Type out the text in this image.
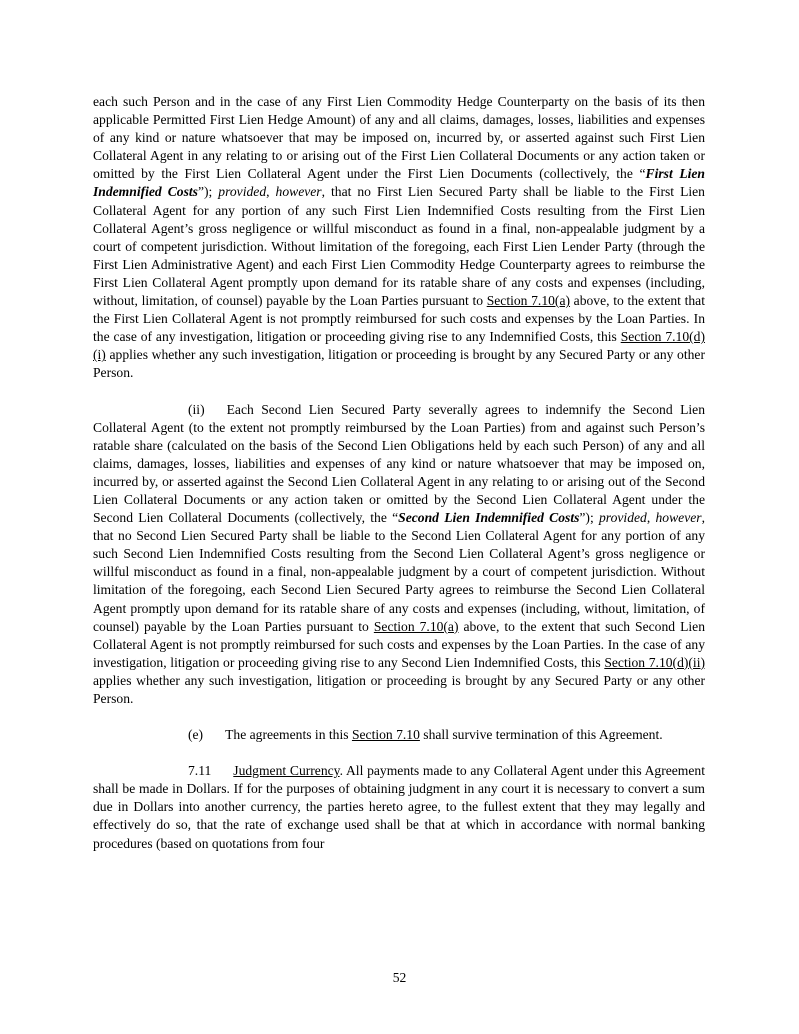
each such Person and in the case of any First Lien Commodity Hedge Counterparty on the basis of its then applicable Permitted First Lien Hedge Amount) of any and all claims, damages, losses, liabilities and expenses of any kind or nature whatsoever that may be imposed on, incurred by, or asserted against such First Lien Collateral Agent in any relating to or arising out of the First Lien Collateral Documents or any action taken or omitted by the First Lien Collateral Agent under the First Lien Documents (collectively, the “First Lien Indemnified Costs”); provided, however, that no First Lien Secured Party shall be liable to the First Lien Collateral Agent for any portion of any such First Lien Indemnified Costs resulting from the First Lien Collateral Agent’s gross negligence or willful misconduct as found in a final, non-appealable judgment by a court of competent jurisdiction. Without limitation of the foregoing, each First Lien Lender Party (through the First Lien Administrative Agent) and each First Lien Commodity Hedge Counterparty agrees to reimburse the First Lien Collateral Agent promptly upon demand for its ratable share of any costs and expenses (including, without, limitation, of counsel) payable by the Loan Parties pursuant to Section 7.10(a) above, to the extent that the First Lien Collateral Agent is not promptly reimbursed for such costs and expenses by the Loan Parties. In the case of any investigation, litigation or proceeding giving rise to any Indemnified Costs, this Section 7.10(d)(i) applies whether any such investigation, litigation or proceeding is brought by any Secured Party or any other Person.

(ii) Each Second Lien Secured Party severally agrees to indemnify the Second Lien Collateral Agent (to the extent not promptly reimbursed by the Loan Parties) from and against such Person’s ratable share (calculated on the basis of the Second Lien Obligations held by each such Person) of any and all claims, damages, losses, liabilities and expenses of any kind or nature whatsoever that may be imposed on, incurred by, or asserted against the Second Lien Collateral Agent in any relating to or arising out of the Second Lien Collateral Documents or any action taken or omitted by the Second Lien Collateral Agent under the Second Lien Collateral Documents (collectively, the “Second Lien Indemnified Costs”); provided, however, that no Second Lien Secured Party shall be liable to the Second Lien Collateral Agent for any portion of any such Second Lien Indemnified Costs resulting from the Second Lien Collateral Agent’s gross negligence or willful misconduct as found in a final, non-appealable judgment by a court of competent jurisdiction. Without limitation of the foregoing, each Second Lien Secured Party agrees to reimburse the Second Lien Collateral Agent promptly upon demand for its ratable share of any costs and expenses (including, without, limitation, of counsel) payable by the Loan Parties pursuant to Section 7.10(a) above, to the extent that such Second Lien Collateral Agent is not promptly reimbursed for such costs and expenses by the Loan Parties. In the case of any investigation, litigation or proceeding giving rise to any Second Lien Indemnified Costs, this Section 7.10(d)(ii) applies whether any such investigation, litigation or proceeding is brought by any Secured Party or any other Person.

(e) The agreements in this Section 7.10 shall survive termination of this Agreement.

7.11 Judgment Currency. All payments made to any Collateral Agent under this Agreement shall be made in Dollars. If for the purposes of obtaining judgment in any court it is necessary to convert a sum due in Dollars into another currency, the parties hereto agree, to the fullest extent that they may legally and effectively do so, that the rate of exchange used shall be that at which in accordance with normal banking procedures (based on quotations from four

52
